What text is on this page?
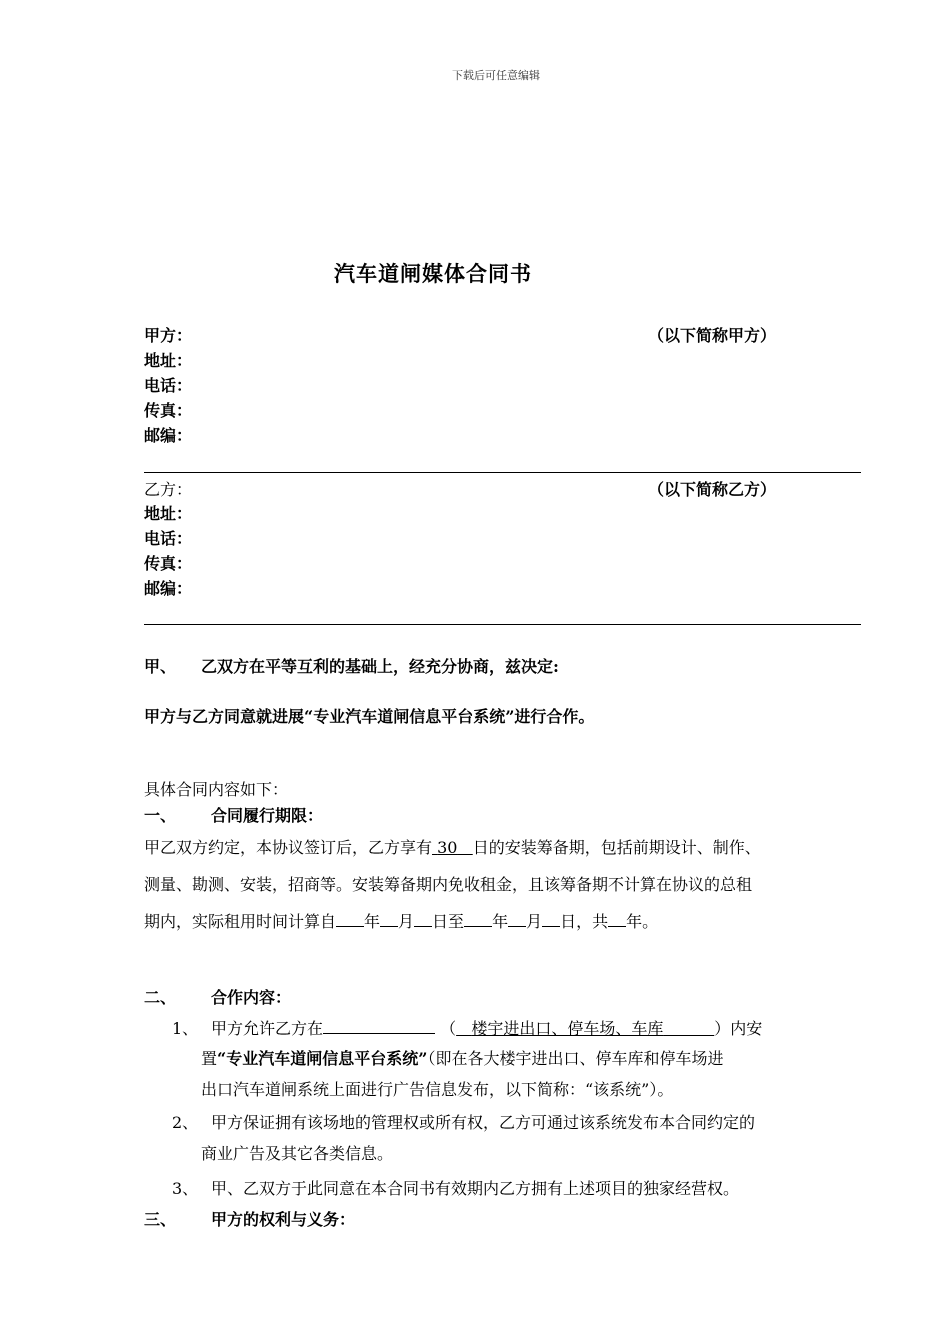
下载后可任意编辑
汽车道闸媒体合同书
甲方：	（以下简称甲方）
地址：
电话：
传真：
邮编：
乙方：	（以下简称乙方）
地址：
电话：
传真：
邮编：
甲、 乙双方在平等互利的基础上，经充分协商，兹决定:
甲方与乙方同意就进展“专业汽车道闸信息平台系统”进行合作。
具体合同内容如下：
一、 合同履行期限：
甲乙双方约定，本协议签订后，乙方享有 30 日的安装筹备期，包括前期设计、制作、
测量、勘测、安装，招商等。安装筹备期内免收租金，且该筹备期不计算在协议的总租
期内，实际租用时间计算自 年 月 日至 年 月 日，共 年。
二、 合作内容：
1、 甲方允许乙方在	（ 楼宇进出口、停车场、车库	）内安
置“专业汽车道闸信息平台系统”（即在各大楼宇进出口、停车库和停车场进
出口汽车道闸系统上面进行广告信息发布，以下简称：“该系统”）。
2、 甲方保证拥有该场地的管理权或所有权，乙方可通过该系统发布本合同约定的
商业广告及其它各类信息。
3、 甲、乙双方于此同意在本合同书有效期内乙方拥有上述项目的独家经营权。
三、 甲方的权利与义务：
